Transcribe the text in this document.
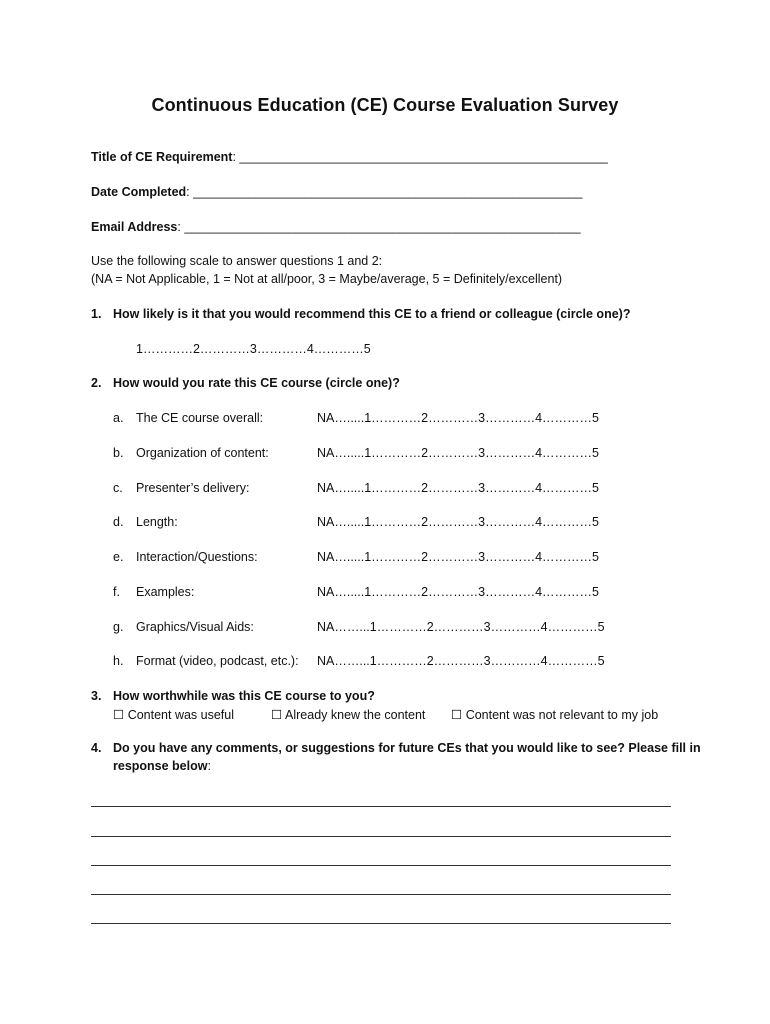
Continuous Education (CE) Course Evaluation Survey
Title of CE Requirement: _____________________________________________________
Date Completed: ________________________________________________________
Email Address: _________________________________________________________
Use the following scale to answer questions 1 and 2:
(NA = Not Applicable, 1 = Not at all/poor, 3 = Maybe/average, 5 = Definitely/excellent)
1. How likely is it that you would recommend this CE to a friend or colleague (circle one)?
1…………2…………3…………4…………5
2. How would you rate this CE course (circle one)?
a. The CE course overall:	NA….....1…………2…………3…………4…………5
b. Organization of content:	NA….....1…………2…………3…………4…………5
c. Presenter’s delivery:	NA….....1…………2…………3…………4…………5
d. Length:	NA….....1…………2…………3…………4…………5
e. Interaction/Questions:	NA….....1…………2…………3…………4…………5
f. Examples:	NA….....1…………2…………3…………4…………5
g. Graphics/Visual Aids:	NA……...1…………2…………3…………4…………5
h. Format (video, podcast, etc.): NA……...1…………2…………3…………4…………5
3. How worthwhile was this CE course to you?
☐ Content was useful	☐ Already knew the content ☐ Content was not relevant to my job
4. Do you have any comments, or suggestions for future CEs that you would like to see? Please fill in
response below:
